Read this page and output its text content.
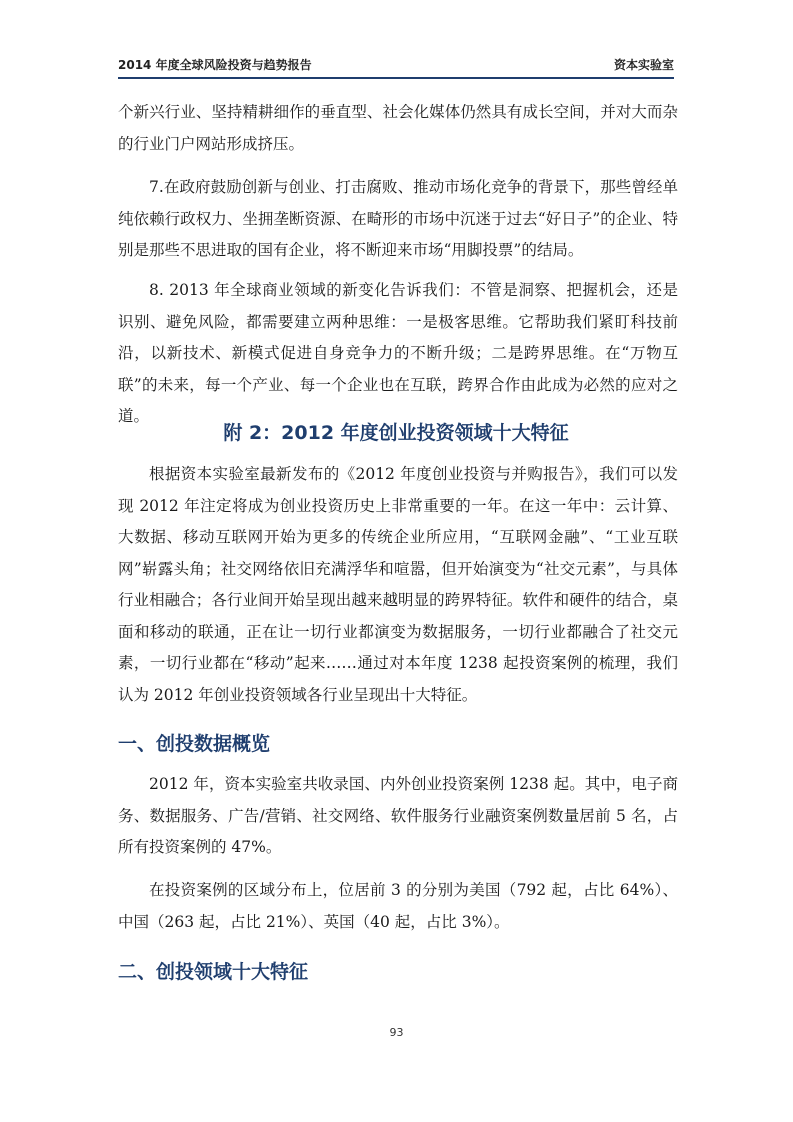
2014 年度全球风险投资与趋势报告	资本实验室

个新兴行业、坚持精耕细作的垂直型、社会化媒体仍然具有成长空间，并对大而杂的行业门户网站形成挤压。

7.在政府鼓励创新与创业、打击腐败、推动市场化竞争的背景下，那些曾经单纯依赖行政权力、坐拥垄断资源、在畸形的市场中沉迷于过去“好日子”的企业、特别是那些不思进取的国有企业，将不断迎来市场“用脚投票”的结局。

8. 2013 年全球商业领域的新变化告诉我们：不管是洞察、把握机会，还是识别、避免风险，都需要建立两种思维：一是极客思维。它帮助我们紧盯科技前沿，以新技术、新模式促进自身竞争力的不断升级；二是跨界思维。在“万物互联”的未来，每一个产业、每一个企业也在互联，跨界合作由此成为必然的应对之道。

附 2：2012 年度创业投资领域十大特征

根据资本实验室最新发布的《2012 年度创业投资与并购报告》，我们可以发现 2012 年注定将成为创业投资历史上非常重要的一年。在这一年中：云计算、大数据、移动互联网开始为更多的传统企业所应用，“互联网金融”、“工业互联网”崭露头角；社交网络依旧充满浮华和喧嚣，但开始演变为“社交元素”，与具体行业相融合；各行业间开始呈现出越来越明显的跨界特征。软件和硬件的结合，桌面和移动的联通，正在让一切行业都演变为数据服务，一切行业都融合了社交元素，一切行业都在“移动”起来……通过对本年度 1238 起投资案例的梳理，我们认为 2012 年创业投资领域各行业呈现出十大特征。

一、创投数据概览

2012 年，资本实验室共收录国、内外创业投资案例 1238 起。其中，电子商务、数据服务、广告/营销、社交网络、软件服务行业融资案例数量居前 5 名，占所有投资案例的 47%。

在投资案例的区域分布上，位居前 3 的分别为美国（792 起，占比 64%）、中国（263 起，占比 21%）、英国（40 起，占比 3%）。

二、创投领域十大特征
93
